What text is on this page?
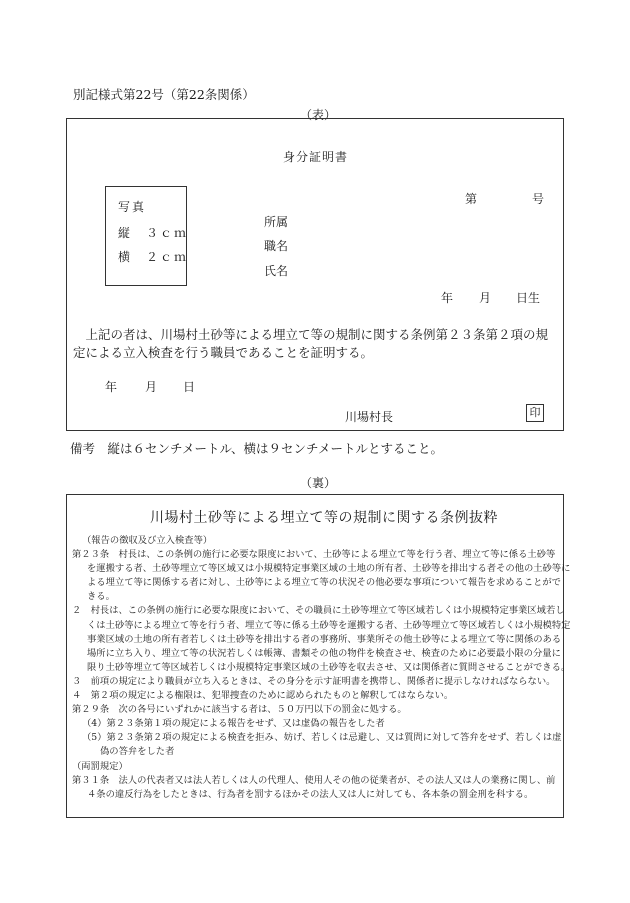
別記様式第22号（第22条関係）
（表）
身分証明書
第	号
写真
縦　３ｃｍ
横　２ｃｍ
所属
職名
氏名
年 月 日生

　上記の者は、川場村土砂等による埋立て等の規制に関する条例第２３条第２項の規

定による立入検査を行う職員であることを証明する。

年 月 日
川場村長	印
備考　縦は６センチメートル、横は９センチメートルとすること。
（裏）
川場村土砂等による埋立て等の規制に関する条例抜粋
（報告の徴収及び立入検査等）
第２３条　村長は、この条例の施行に必要な限度において、土砂等による埋立て等を行う者、埋立て等に係る土砂等
を運搬する者、土砂等埋立て等区域又は小規模特定事業区域の土地の所有者、土砂等を排出する者その他の土砂等に
よる埋立て等に関係する者に対し、土砂等による埋立て等の状況その他必要な事項について報告を求めることがで
きる。
２　村長は、この条例の施行に必要な限度において、その職員に土砂等埋立て等区域若しくは小規模特定事業区域若し
くは土砂等による埋立て等を行う者、埋立て等に係る土砂等を運搬する者、土砂等埋立て等区域若しくは小規模特定
事業区域の土地の所有者若しくは土砂等を排出する者の事務所、事業所その他土砂等による埋立て等に関係のある
場所に立ち入り、埋立て等の状況若しくは帳簿、書類その他の物件を検査させ、検査のために必要最小限の分量に
限り土砂等埋立て等区域若しくは小規模特定事業区域の土砂等を収去させ、又は関係者に質問させることができる。
３　前項の規定により職員が立ち入るときは、その身分を示す証明書を携帯し、関係者に提示しなければならない。
４　第２項の規定による権限は、犯罪捜査のために認められたものと解釈してはならない。
第２９条　次の各号にいずれかに該当する者は、５０万円以下の罰金に処する。
（4）第２３条第１項の規定による報告をせず、又は虚偽の報告をした者
（5）第２３条第２項の規定による検査を拒み、妨げ、若しくは忌避し、又は質問に対して答弁をせず、若しくは虚
偽の答弁をした者
（両罰規定）
第３１条　法人の代表者又は法人若しくは人の代理人、使用人その他の従業者が、その法人又は人の業務に関し、前
４条の違反行為をしたときは、行為者を罰するほかその法人又は人に対しても、各本条の罰金刑を科する。
